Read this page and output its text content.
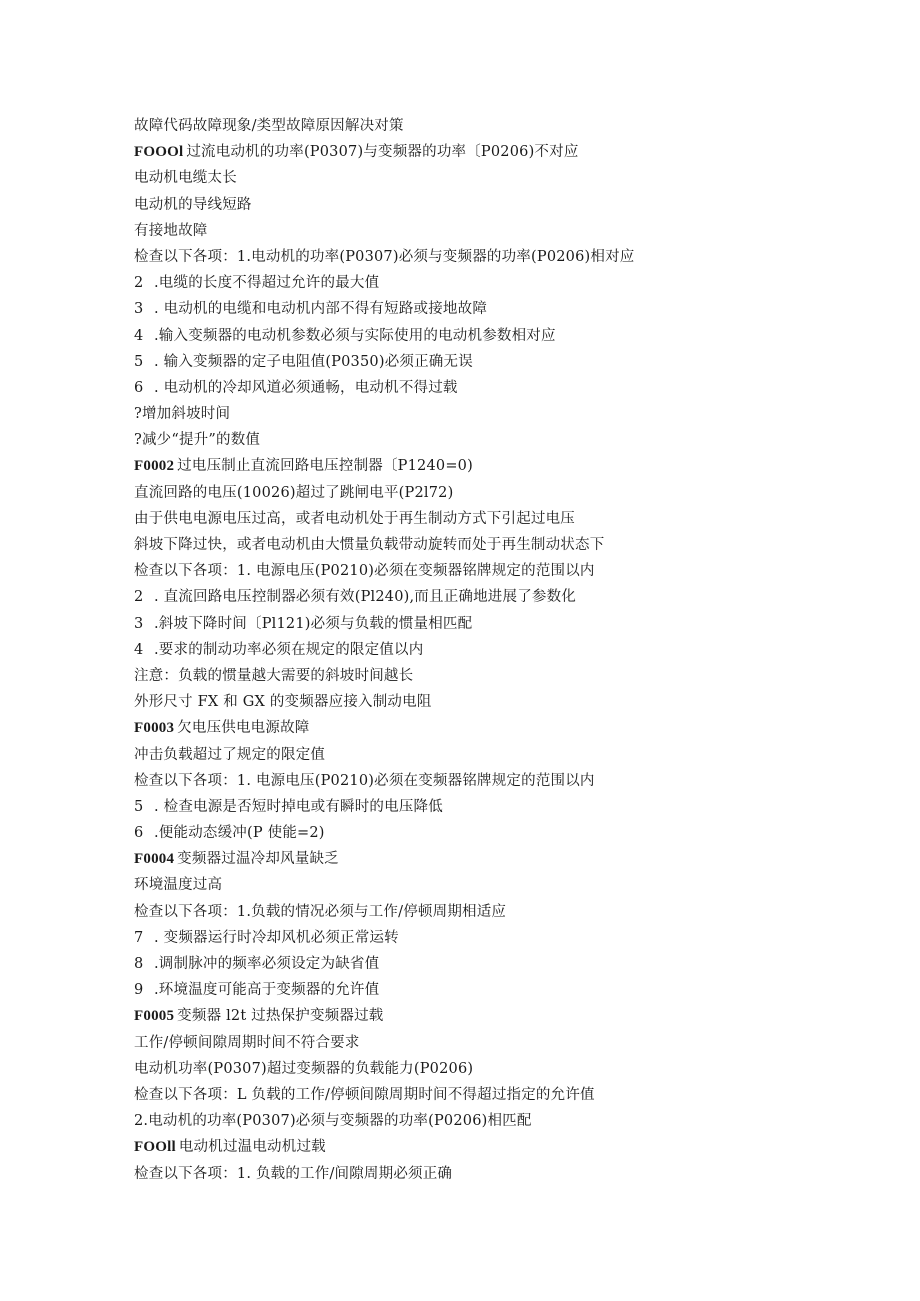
故障代码故障现象/类型故障原因解决对策
FOOOl 过流电动机的功率(P0307)与变频器的功率〔P0206)不对应
电动机电缆太长
电动机的导线短路
有接地故障
检查以下各项：1.电动机的功率(P0307)必须与变频器的功率(P0206)相对应
2 .电缆的长度不得超过允许的最大值
3 . 电动机的电缆和电动机内部不得有短路或接地故障
4 .输入变频器的电动机参数必须与实际使用的电动机参数相对应
5 . 输入变频器的定子电阻值(P0350)必须正确无误
6 . 电动机的冷却风道必须通畅，电动机不得过载
?增加斜坡时间
?减少“提升”的数值
F0002 过电压制止直流回路电压控制器〔P1240=0)
直流回路的电压(10026)超过了跳闸电平(P2l72)
由于供电电源电压过高，或者电动机处于再生制动方式下引起过电压
斜坡下降过快，或者电动机由大惯量负载带动旋转而处于再生制动状态下
检查以下各项：1. 电源电压(P0210)必须在变频器铭牌规定的范围以内
2 . 直流回路电压控制器必须有效(Pl240),而且正确地进展了参数化
3 .斜坡下降时间〔Pl121)必须与负载的惯量相匹配
4 .要求的制动功率必须在规定的限定值以内
注意：负载的惯量越大需要的斜坡时间越长
外形尺寸 FX 和 GX 的变频器应接入制动电阻
F0003 欠电压供电电源故障
冲击负载超过了规定的限定值
检查以下各项：1. 电源电压(P0210)必须在变频器铭牌规定的范围以内
5 . 检查电源是否短时掉电或有瞬时的电压降低
6 .便能动态缓冲(P 使能=2)
F0004 变频器过温冷却风量缺乏
环境温度过高
检查以下各项：1.负载的情况必须与工作/停顿周期相适应
7 . 变频器运行时冷却风机必须正常运转
8 .调制脉冲的频率必须设定为缺省值
9 .环境温度可能高于变频器的允许值
F0005 变频器 l2t 过热保护变频器过载
工作/停顿间隙周期时间不符合要求
电动机功率(P0307)超过变频器的负载能力(P0206)
检查以下各项：L 负载的工作/停顿间隙周期时间不得超过指定的允许值
2.电动机的功率(P0307)必须与变频器的功率(P0206)相匹配
FOOll 电动机过温电动机过载
检查以下各项：1. 负载的工作/间隙周期必须正确
